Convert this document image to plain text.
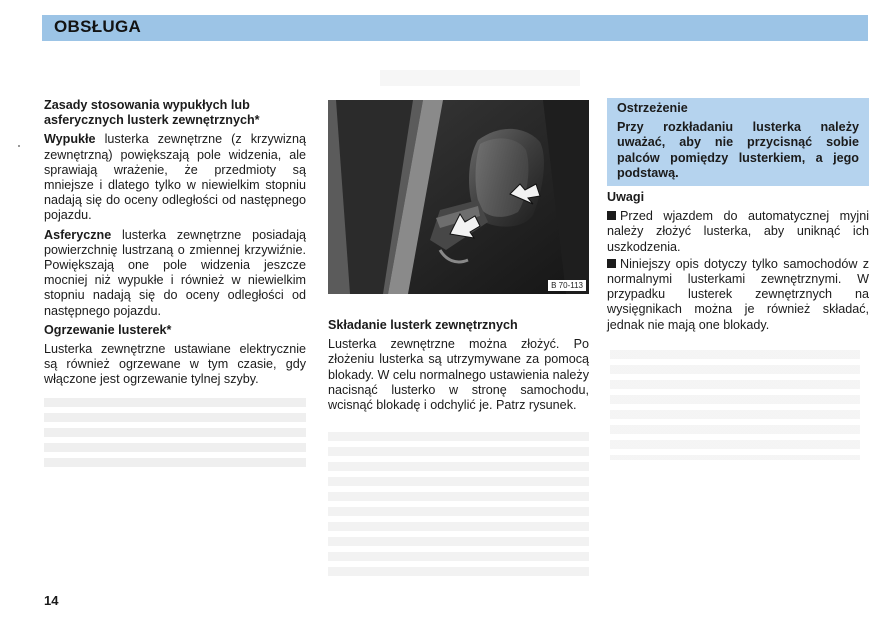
OBSŁUGA

Zasady stosowania wypukłych lub asferycznych lusterk zewnętrznych*

Wypukłe lusterka zewnętrzne (z krzywizną zewnętrzną) powiększają pole widzenia, ale sprawiają wrażenie, że przedmioty są mniejsze i dlatego tylko w niewielkim stopniu nadają się do oceny odległości od następnego pojazdu.

Asferyczne lusterka zewnętrzne posiadają powierzchnię lustrzaną o zmiennej krzywiźnie. Powiększają one pole widzenia jeszcze mocniej niż wypukłe i również w niewielkim stopniu nadają się do oceny odległości od następnego pojazdu.

Ogrzewanie lusterek*

Lusterka zewnętrzne ustawiane elektrycznie są również ogrzewane w tym czasie, gdy włączone jest ogrzewanie tylnej szyby.

B 70-113

Składanie lusterk zewnętrznych

Lusterka zewnętrzne można złożyć. Po złożeniu lusterka są utrzymywane za pomocą blokady. W celu normalnego ustawienia należy nacisnąć lusterko w stronę samochodu, wcisnąć blokadę i odchylić je. Patrz rysunek.

Ostrzeżenie

Przy rozkładaniu lusterka należy uważać, aby nie przycisnąć sobie palców pomiędzy lusterkiem, a jego podstawą.

Uwagi

Przed wjazdem do automatycznej myjni należy złożyć lusterka, aby uniknąć ich uszkodzenia.

Niniejszy opis dotyczy tylko samochodów z normalnymi lusterkami zewnętrznymi. W przypadku lusterek zewnętrznych na wysięgnikach można je również składać, jednak nie mają one blokady.

14
